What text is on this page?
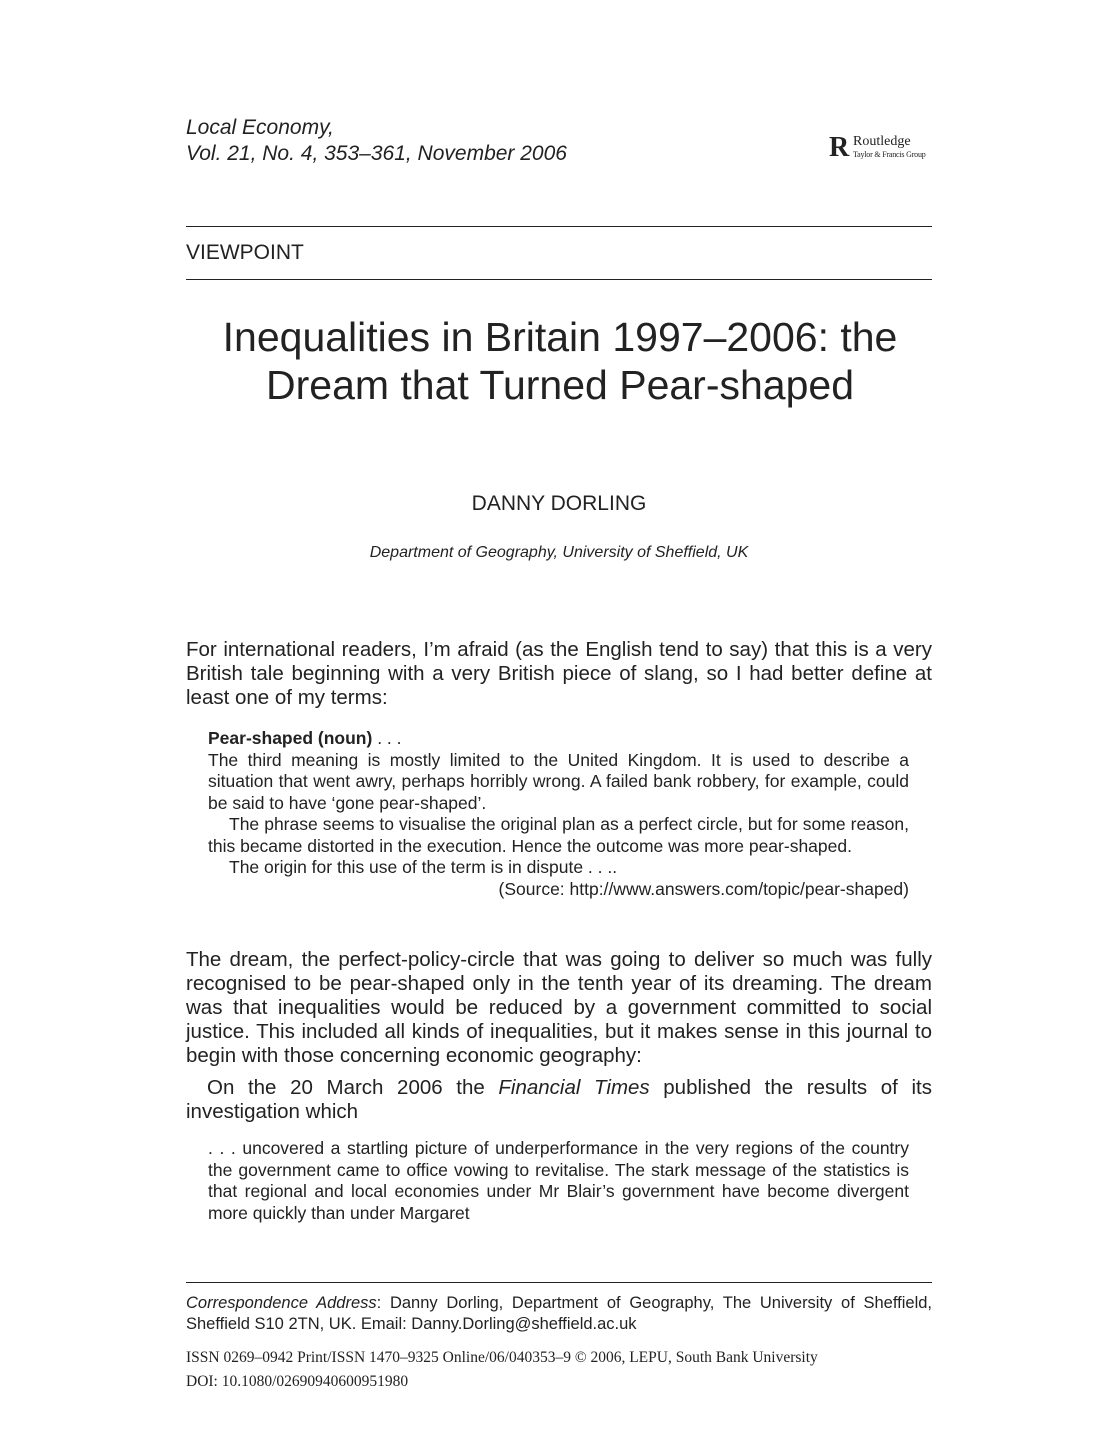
Local Economy,
Vol. 21, No. 4, 353–361, November 2006	R Routledge
Taylor & Francis Group
VIEWPOINT
Inequalities in Britain 1997–2006: the
Dream that Turned Pear-shaped
DANNY DORLING
Department of Geography, University of Sheffield, UK
For international readers, I’m afraid (as the English tend to say) that this is a very British tale beginning with a very British piece of slang, so I had better define at least one of my terms:
Pear-shaped (noun) . . .
The third meaning is mostly limited to the United Kingdom. It is used to describe a situation that went awry, perhaps horribly wrong. A failed bank robbery, for example, could be said to have ‘gone pear-shaped’.
The phrase seems to visualise the original plan as a perfect circle, but for some reason, this became distorted in the execution. Hence the outcome was more pear-shaped.
The origin for this use of the term is in dispute . . ..
(Source: http://www.answers.com/topic/pear-shaped)
The dream, the perfect-policy-circle that was going to deliver so much was fully recognised to be pear-shaped only in the tenth year of its dreaming. The dream was that inequalities would be reduced by a government committed to social justice. This included all kinds of inequalities, but it makes sense in this journal to begin with those concerning economic geography:
On the 20 March 2006 the Financial Times published the results of its investigation which
. . . uncovered a startling picture of underperformance in the very regions of the country the government came to office vowing to revitalise. The stark message of the statistics is that regional and local economies under Mr Blair’s government have become divergent more quickly than under Margaret
Correspondence Address: Danny Dorling, Department of Geography, The University of Sheffield, Sheffield S10 2TN, UK. Email: Danny.Dorling@sheffield.ac.uk
ISSN 0269–0942 Print/ISSN 1470–9325 Online/06/040353–9 © 2006, LEPU, South Bank University
DOI: 10.1080/02690940600951980
